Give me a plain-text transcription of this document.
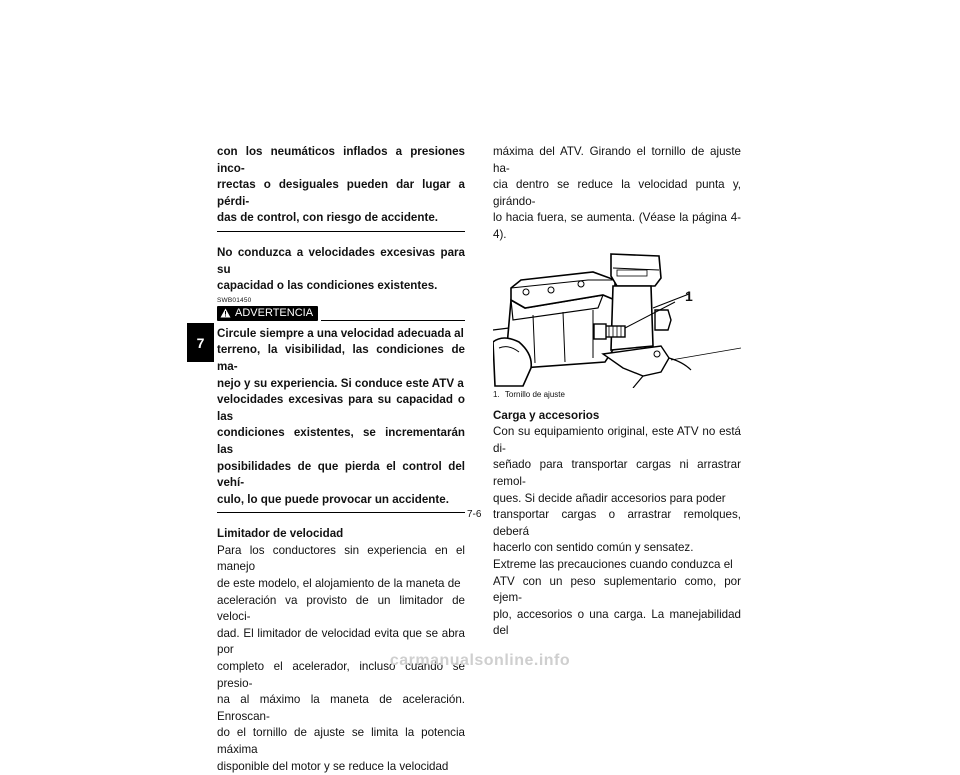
7

con los neumáticos inflados a presiones inco-

rrectas o desiguales pueden dar lugar a pérdi-

das de control, con riesgo de accidente.

No conduzca a velocidades excesivas para su

capacidad o las condiciones existentes.

SWB01450
ADVERTENCIA

Circule siempre a una velocidad adecuada al

terreno, la visibilidad, las condiciones de ma-

nejo y su experiencia. Si conduce este ATV a

velocidades excesivas para su capacidad o las

condiciones existentes, se incrementarán las

posibilidades de que pierda el control del vehí-

culo, lo que puede provocar un accidente.

Limitador de velocidad

Para los conductores sin experiencia en el manejo

de este modelo, el alojamiento de la maneta de

aceleración va provisto de un limitador de veloci-

dad. El limitador de velocidad evita que se abra por

completo el acelerador, incluso cuando se presio-

na al máximo la maneta de aceleración. Enroscan-

do el tornillo de ajuste se limita la potencia máxima

disponible del motor y se reduce la velocidad

máxima del ATV. Girando el tornillo de ajuste ha-

cia dentro se reduce la velocidad punta y, girándo-

lo hacia fuera, se aumenta. (Véase la página 4-4).

1
1. Tornillo de ajuste

Carga y accesorios

Con su equipamiento original, este ATV no está di-

señado para transportar cargas ni arrastrar remol-

ques. Si decide añadir accesorios para poder

transportar cargas o arrastrar remolques, deberá

hacerlo con sentido común y sensatez.

Extreme las precauciones cuando conduzca el

ATV con un peso suplementario como, por ejem-

plo, accesorios o una carga. La manejabilidad del

7-6
carmanualsonline.info
